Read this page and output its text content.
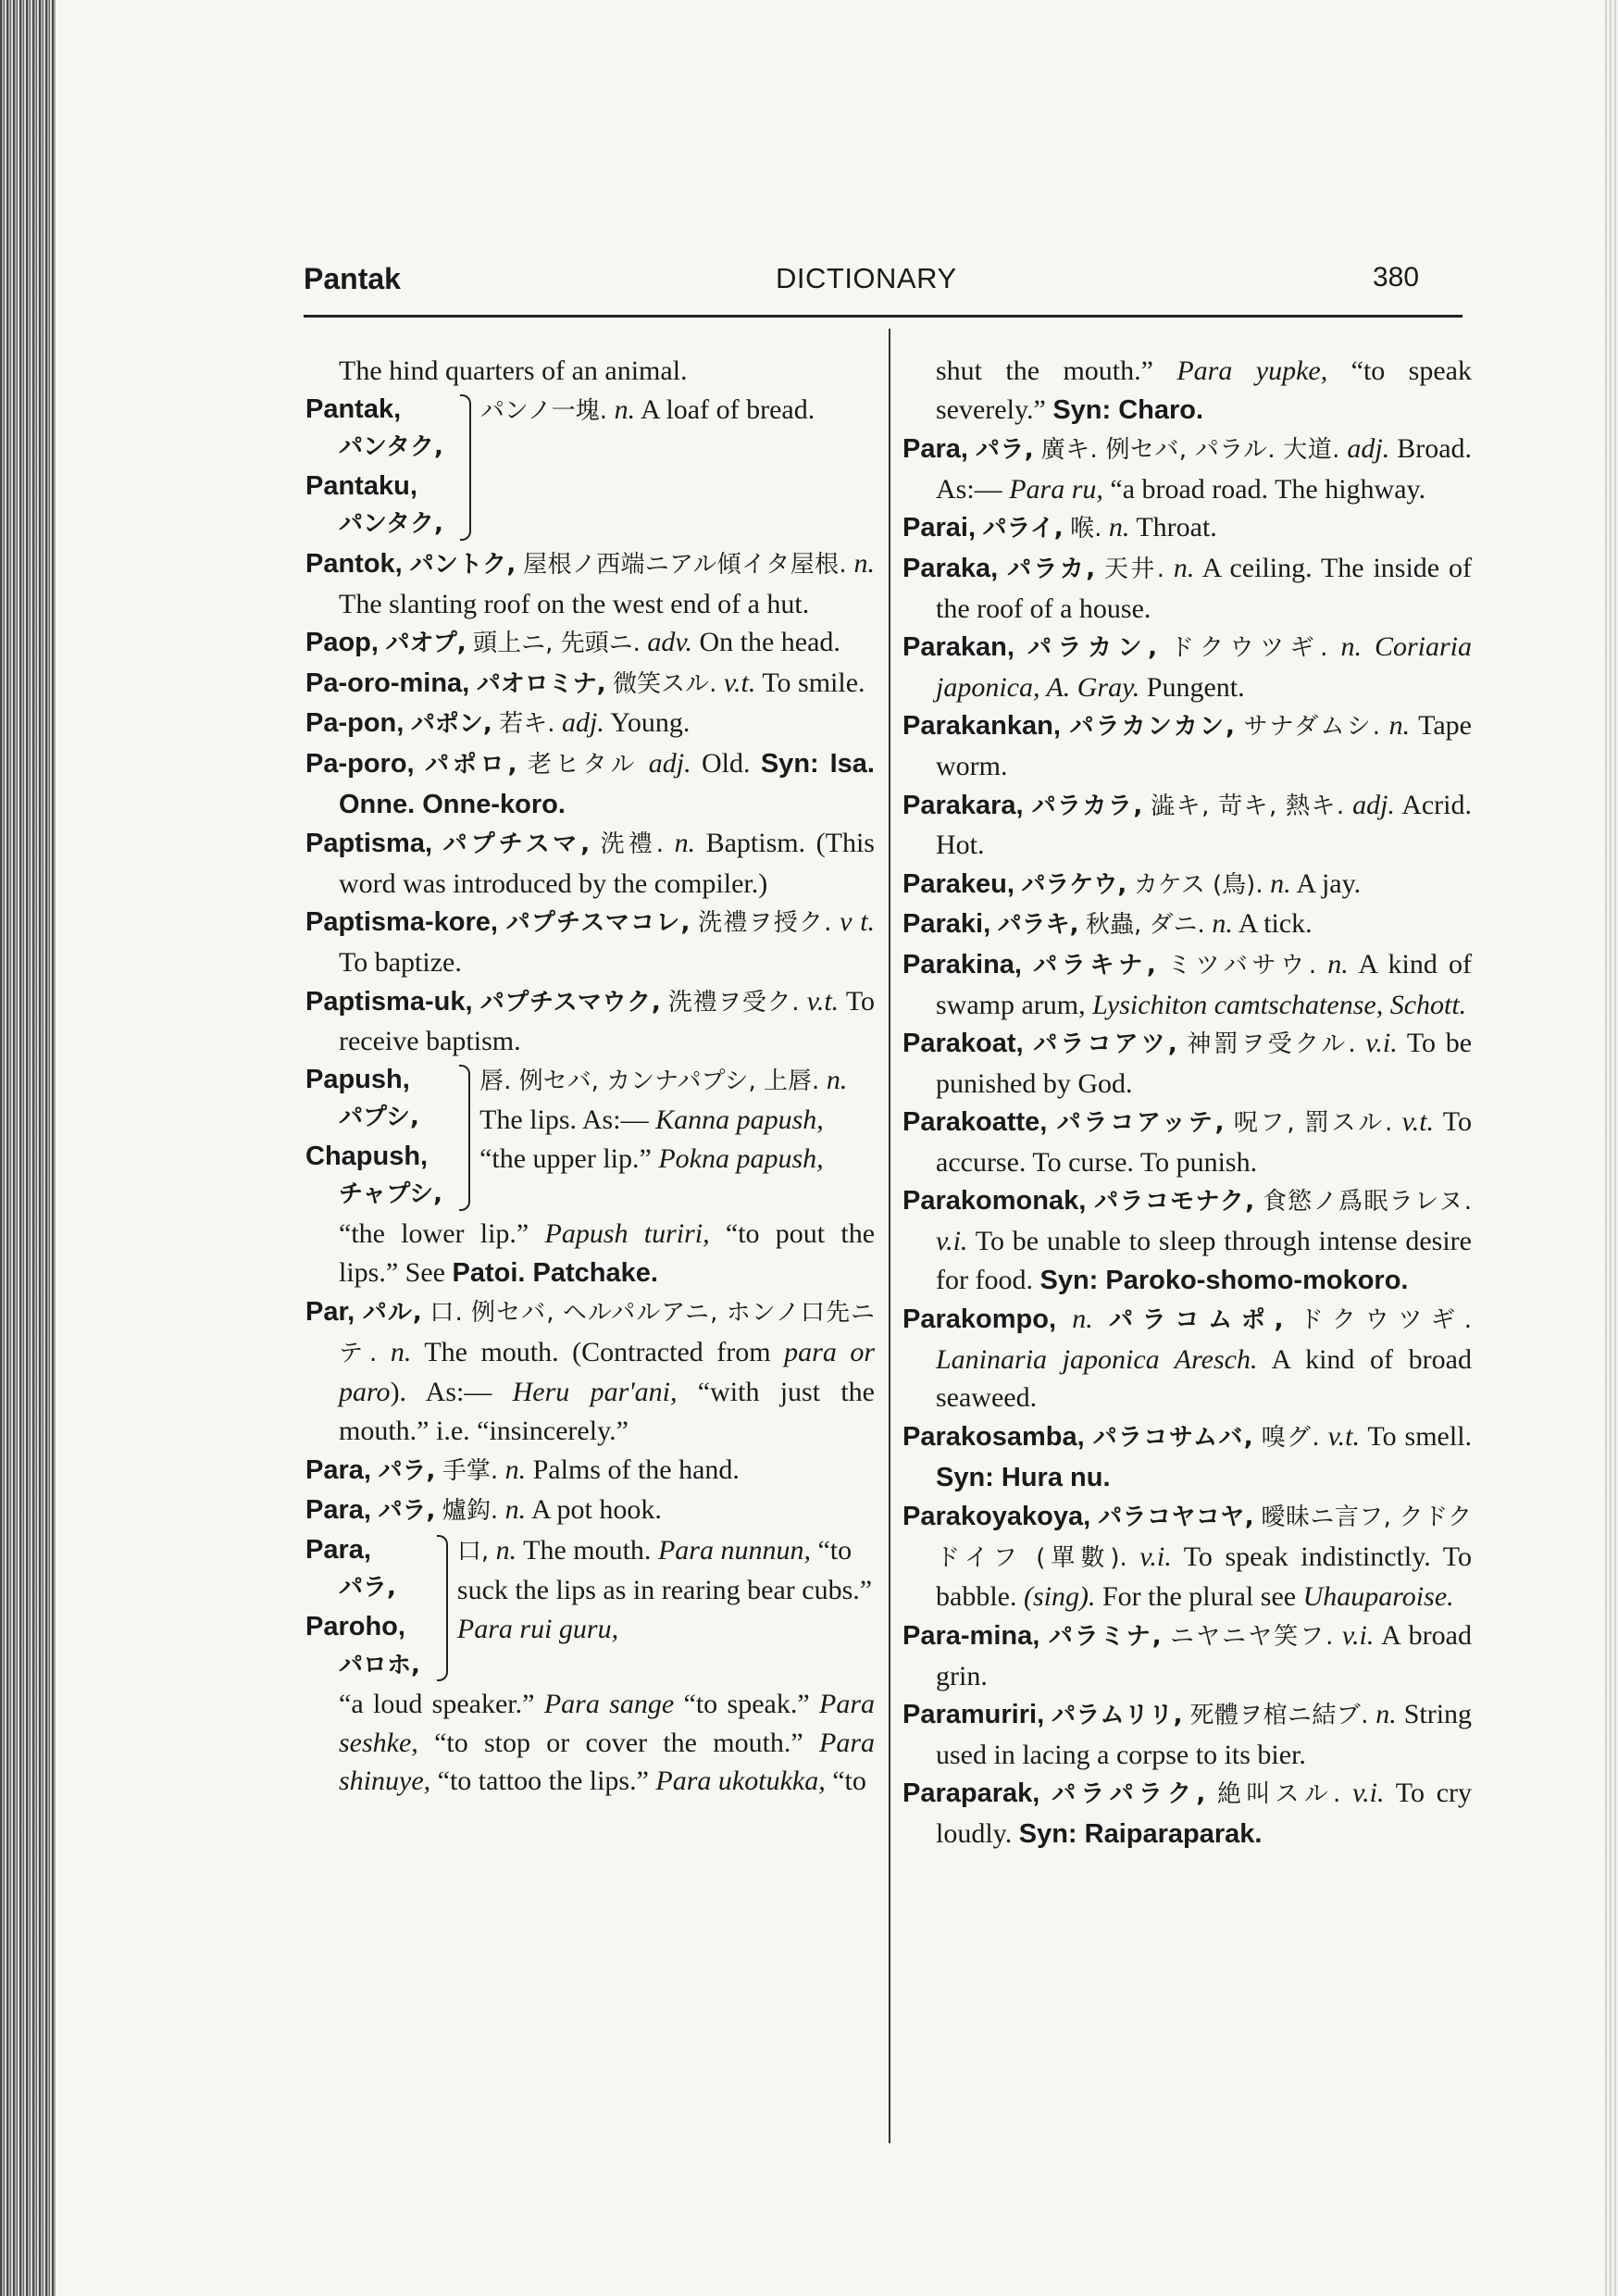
Pantak	DICTIONARY	380
The hind quarters of an animal.
Pantak,
パンタク,
Pantaku,
パンタク,
パンノ一塊. n. A loaf of bread.
Pantok, パントク, 屋根ノ西端ニアル傾イタ屋根. n. The slanting roof on the west end of a hut.
Paop, パオプ, 頭上ニ, 先頭ニ. adv. On the head.
Pa-oro-mina, パオロミナ, 微笑スル. v.t. To smile.
Pa-pon, パポン, 若キ. adj. Young.
Pa-poro, パポロ, 老ヒタル adj. Old. Syn: Isa. Onne. Onne-koro.
Paptisma, パプチスマ, 洗禮. n. Baptism. (This word was introduced by the compiler.)
Paptisma-kore, パプチスマコレ, 洗禮ヲ授ク. v t. To baptize.
Paptisma-uk, パプチスマウク, 洗禮ヲ受ク. v.t. To receive baptism.
Papush,
パプシ,
Chapush,
チャプシ,
唇. 例セバ, カンナパプシ, 上唇. n. The lips. As:— Kanna papush, “the upper lip.” Pokna papush,
“the lower lip.” Papush turiri, “to pout the lips.” See Patoi. Patchake.
Par, パル, 口. 例セバ, ヘルパルアニ, ホンノ口先ニテ. n. The mouth. (Contracted from para or paro). As:— Heru par'ani, “with just the mouth.” i.e. “insincerely.”
Para, パラ, 手掌. n. Palms of the hand.
Para, パラ, 爐鈎. n. A pot hook.
Para,
パラ,
Paroho,
パロホ,
口, n. The mouth. Para nunnun, “to suck the lips as in rearing bear cubs.” Para rui guru,
“a loud speaker.” Para sange “to speak.” Para seshke, “to stop or cover the mouth.” Para shinuye, “to tattoo the lips.” Para ukotukka, “to
shut the mouth.” Para yupke, “to speak severely.” Syn: Charo.
Para, パラ, 廣キ. 例セバ, パラル. 大道. adj. Broad. As:— Para ru, “a broad road. The highway.
Parai, パライ, 喉. n. Throat.
Paraka, パラカ, 天井. n. A ceiling. The inside of the roof of a house.
Parakan, パラカン, ドクウツギ. n. Coriaria japonica, A. Gray. Pungent.
Parakankan, パラカンカン, サナダムシ. n. Tape worm.
Parakara, パラカラ, 澁キ, 苛キ, 熱キ. adj. Acrid. Hot.
Parakeu, パラケウ, カケス (鳥). n. A jay.
Paraki, パラキ, 秋蟲, ダニ. n. A tick.
Parakina, パラキナ, ミツバサウ. n. A kind of swamp arum, Lysichiton camtschatense, Schott.
Parakoat, パラコアツ, 神罰ヲ受クル. v.i. To be punished by God.
Parakoatte, パラコアッテ, 呪フ, 罰スル. v.t. To accurse. To curse. To punish.
Parakomonak, パラコモナク, 食慾ノ爲眠ラレヌ. v.i. To be unable to sleep through intense desire for food. Syn: Paroko-shomo-mokoro.
Parakompo, n. パラコムポ, ドクウツギ. Laninaria japonica Aresch. A kind of broad seaweed.
Parakosamba, パラコサムバ, 嗅グ. v.t. To smell. Syn: Hura nu.
Parakoyakoya, パラコヤコヤ, 曖昧ニ言フ, クドクドイフ (單數). v.i. To speak indistinctly. To babble. (sing). For the plural see Uhauparoise.
Para-mina, パラミナ, ニヤニヤ笑フ. v.i. A broad grin.
Paramuriri, パラムリリ, 死體ヲ棺ニ結ブ. n. String used in lacing a corpse to its bier.
Paraparak, パラパラク, 絶叫スル. v.i. To cry loudly. Syn: Raiparaparak.
